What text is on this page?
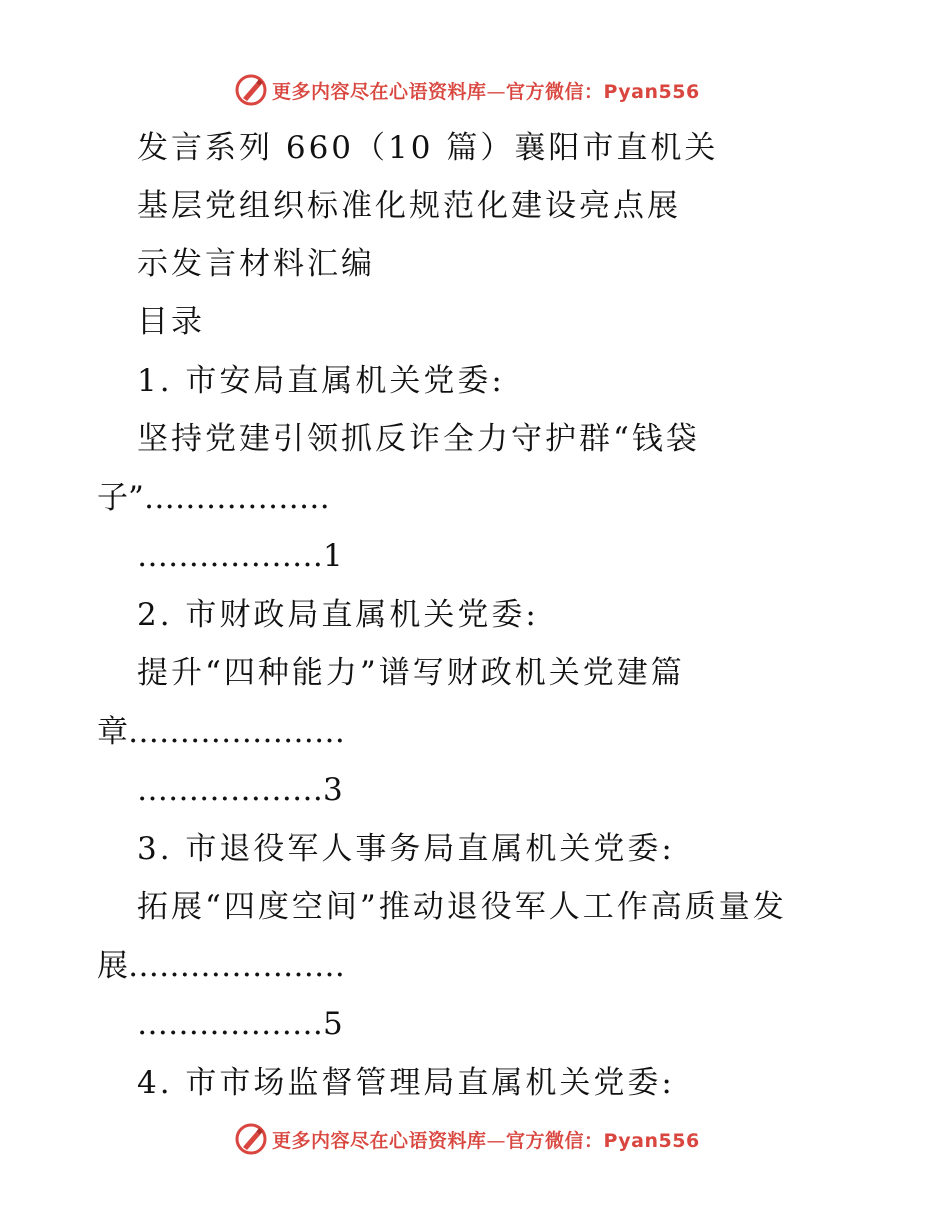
更多内容尽在心语资料库—官方微信：Pyan556
发言系列 660（10 篇）襄阳市直机关
基层党组织标准化规范化建设亮点展
示发言材料汇编
目录
1. 市安局直属机关党委:
坚持党建引领抓反诈全力守护群“钱袋
子”………………
………………1
2. 市财政局直属机关党委:
提升“四种能力”谱写财政机关党建篇
章…………………
………………3
3. 市退役军人事务局直属机关党委:
拓展“四度空间”推动退役军人工作高质量发
展…………………
………………5
4. 市市场监督管理局直属机关党委:
更多内容尽在心语资料库—官方微信：Pyan556
